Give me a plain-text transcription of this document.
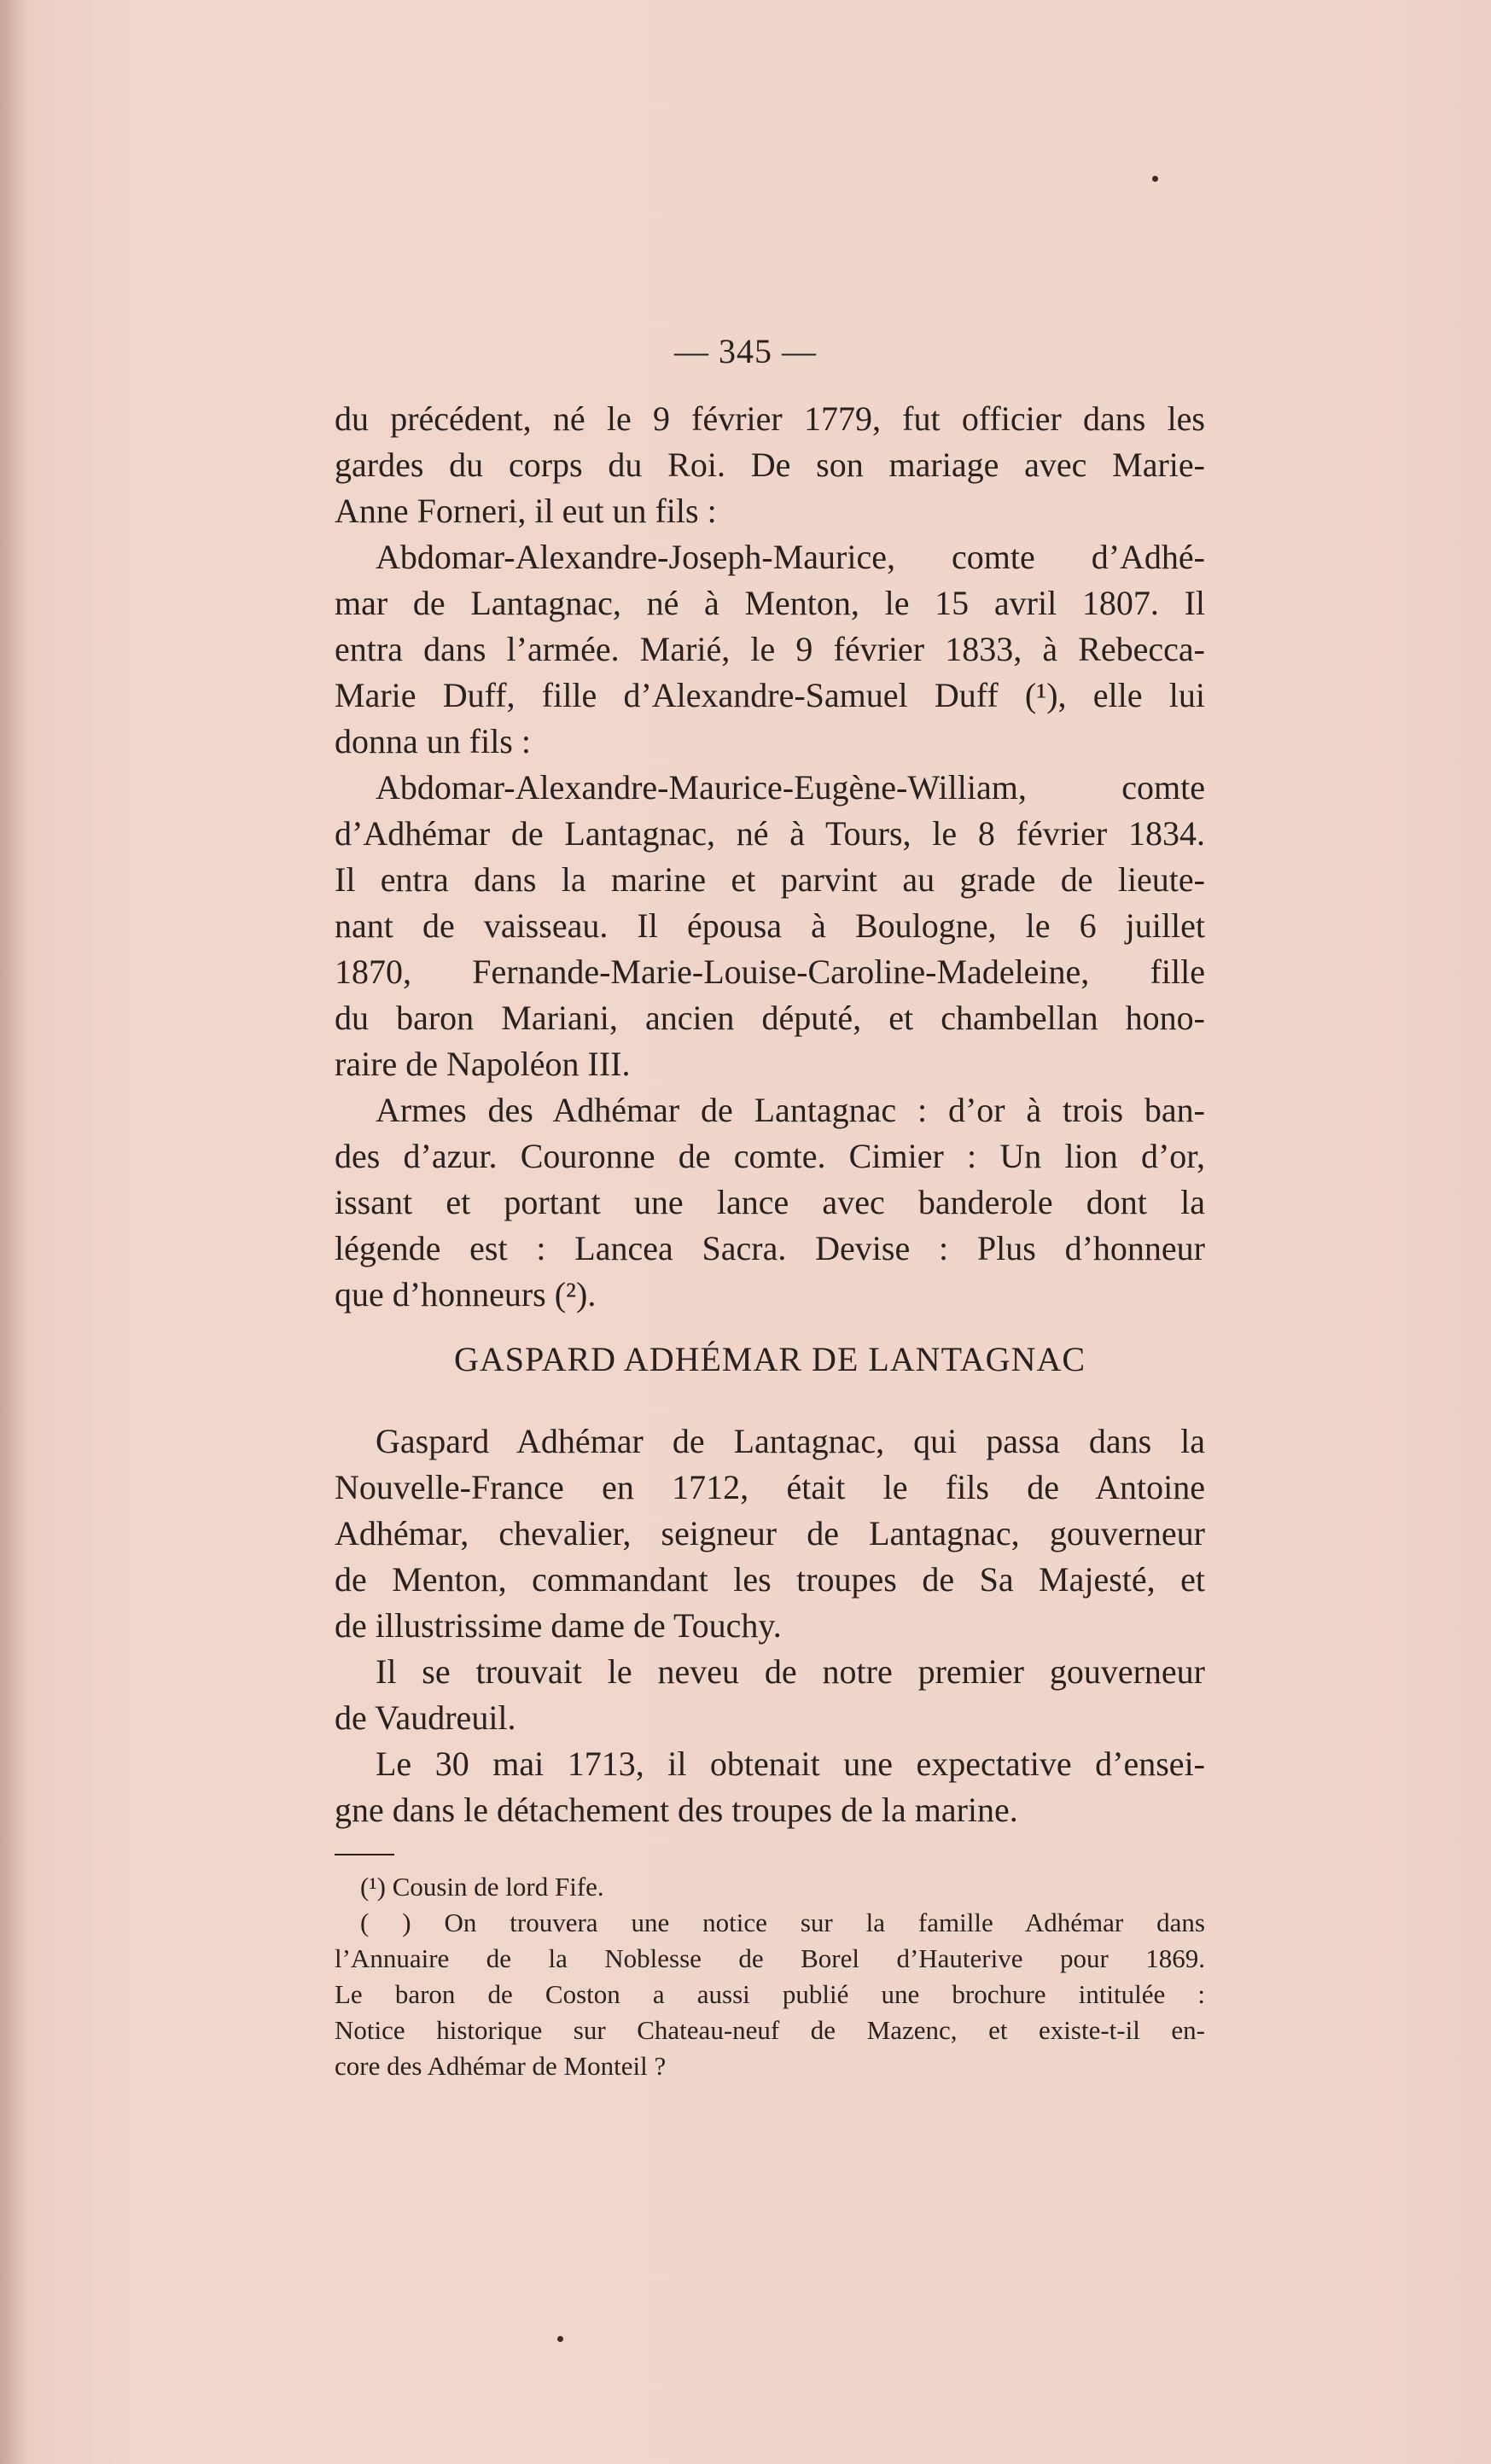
— 345 —
du précédent, né le 9 février 1779, fut officier dans les
gardes du corps du Roi. De son mariage avec Marie-
Anne Forneri, il eut un fils :
Abdomar-Alexandre-Joseph-Maurice, comte d’Adhé-
mar de Lantagnac, né à Menton, le 15 avril 1807. Il
entra dans l’armée. Marié, le 9 février 1833, à Rebecca-
Marie Duff, fille d’Alexandre-Samuel Duff (¹), elle lui
donna un fils :
Abdomar-Alexandre-Maurice-Eugène-William, comte
d’Adhémar de Lantagnac, né à Tours, le 8 février 1834.
Il entra dans la marine et parvint au grade de lieute-
nant de vaisseau. Il épousa à Boulogne, le 6 juillet
1870, Fernande-Marie-Louise-Caroline-Madeleine, fille
du baron Mariani, ancien député, et chambellan hono-
raire de Napoléon III.
Armes des Adhémar de Lantagnac : d’or à trois ban-
des d’azur. Couronne de comte. Cimier : Un lion d’or,
issant et portant une lance avec banderole dont la
légende est : Lancea Sacra. Devise : Plus d’honneur
que d’honneurs (²).
GASPARD ADHÉMAR DE LANTAGNAC
Gaspard Adhémar de Lantagnac, qui passa dans la
Nouvelle-France en 1712, était le fils de Antoine
Adhémar, chevalier, seigneur de Lantagnac, gouverneur
de Menton, commandant les troupes de Sa Majesté, et
de illustrissime dame de Touchy.
Il se trouvait le neveu de notre premier gouverneur
de Vaudreuil.
Le 30 mai 1713, il obtenait une expectative d’ensei-
gne dans le détachement des troupes de la marine.
(¹) Cousin de lord Fife.
( ) On trouvera une notice sur la famille Adhémar dans
l’Annuaire de la Noblesse de Borel d’Hauterive pour 1869.
Le baron de Coston a aussi publié une brochure intitulée :
Notice historique sur Chateau-neuf de Mazenc, et existe-t-il en-
core des Adhémar de Monteil ?
